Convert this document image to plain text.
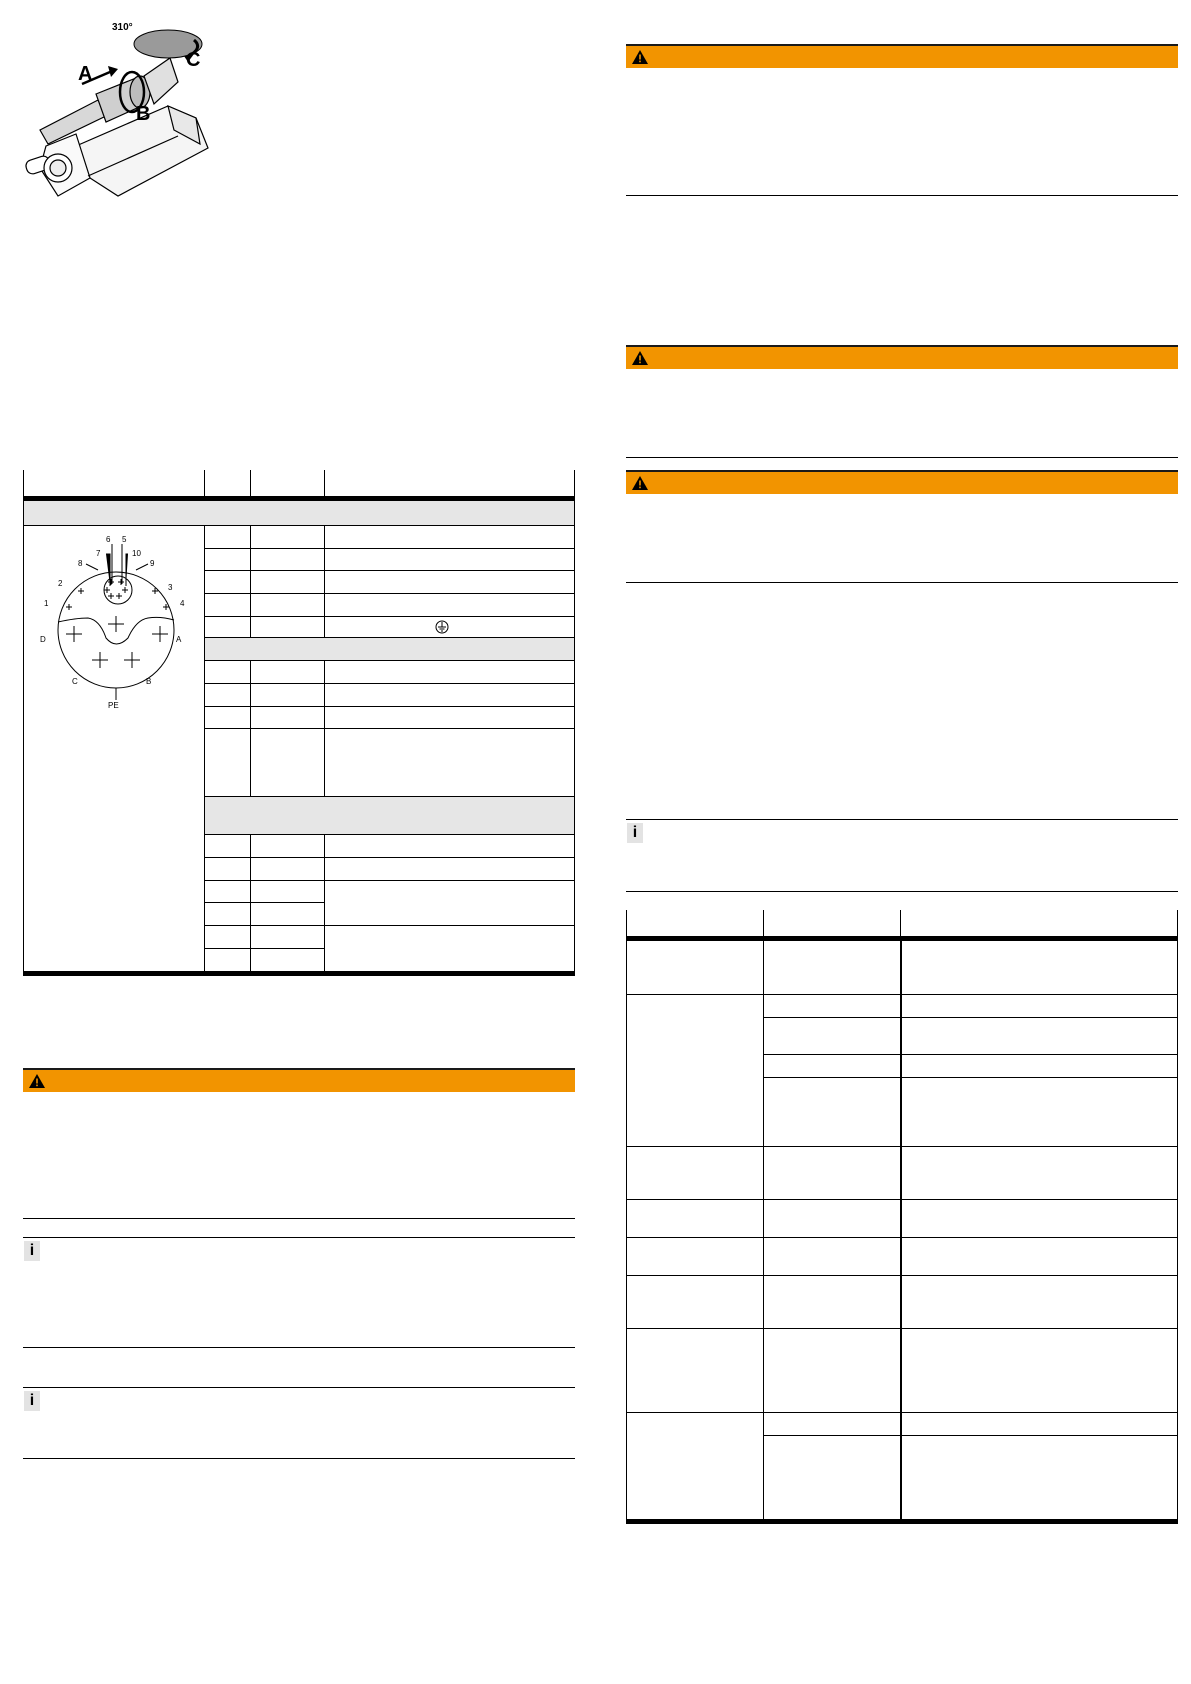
310°
A
B
C
6 5
7	10
8	9
2	3
1	4
D	A
C	B
PE
i
i
i
